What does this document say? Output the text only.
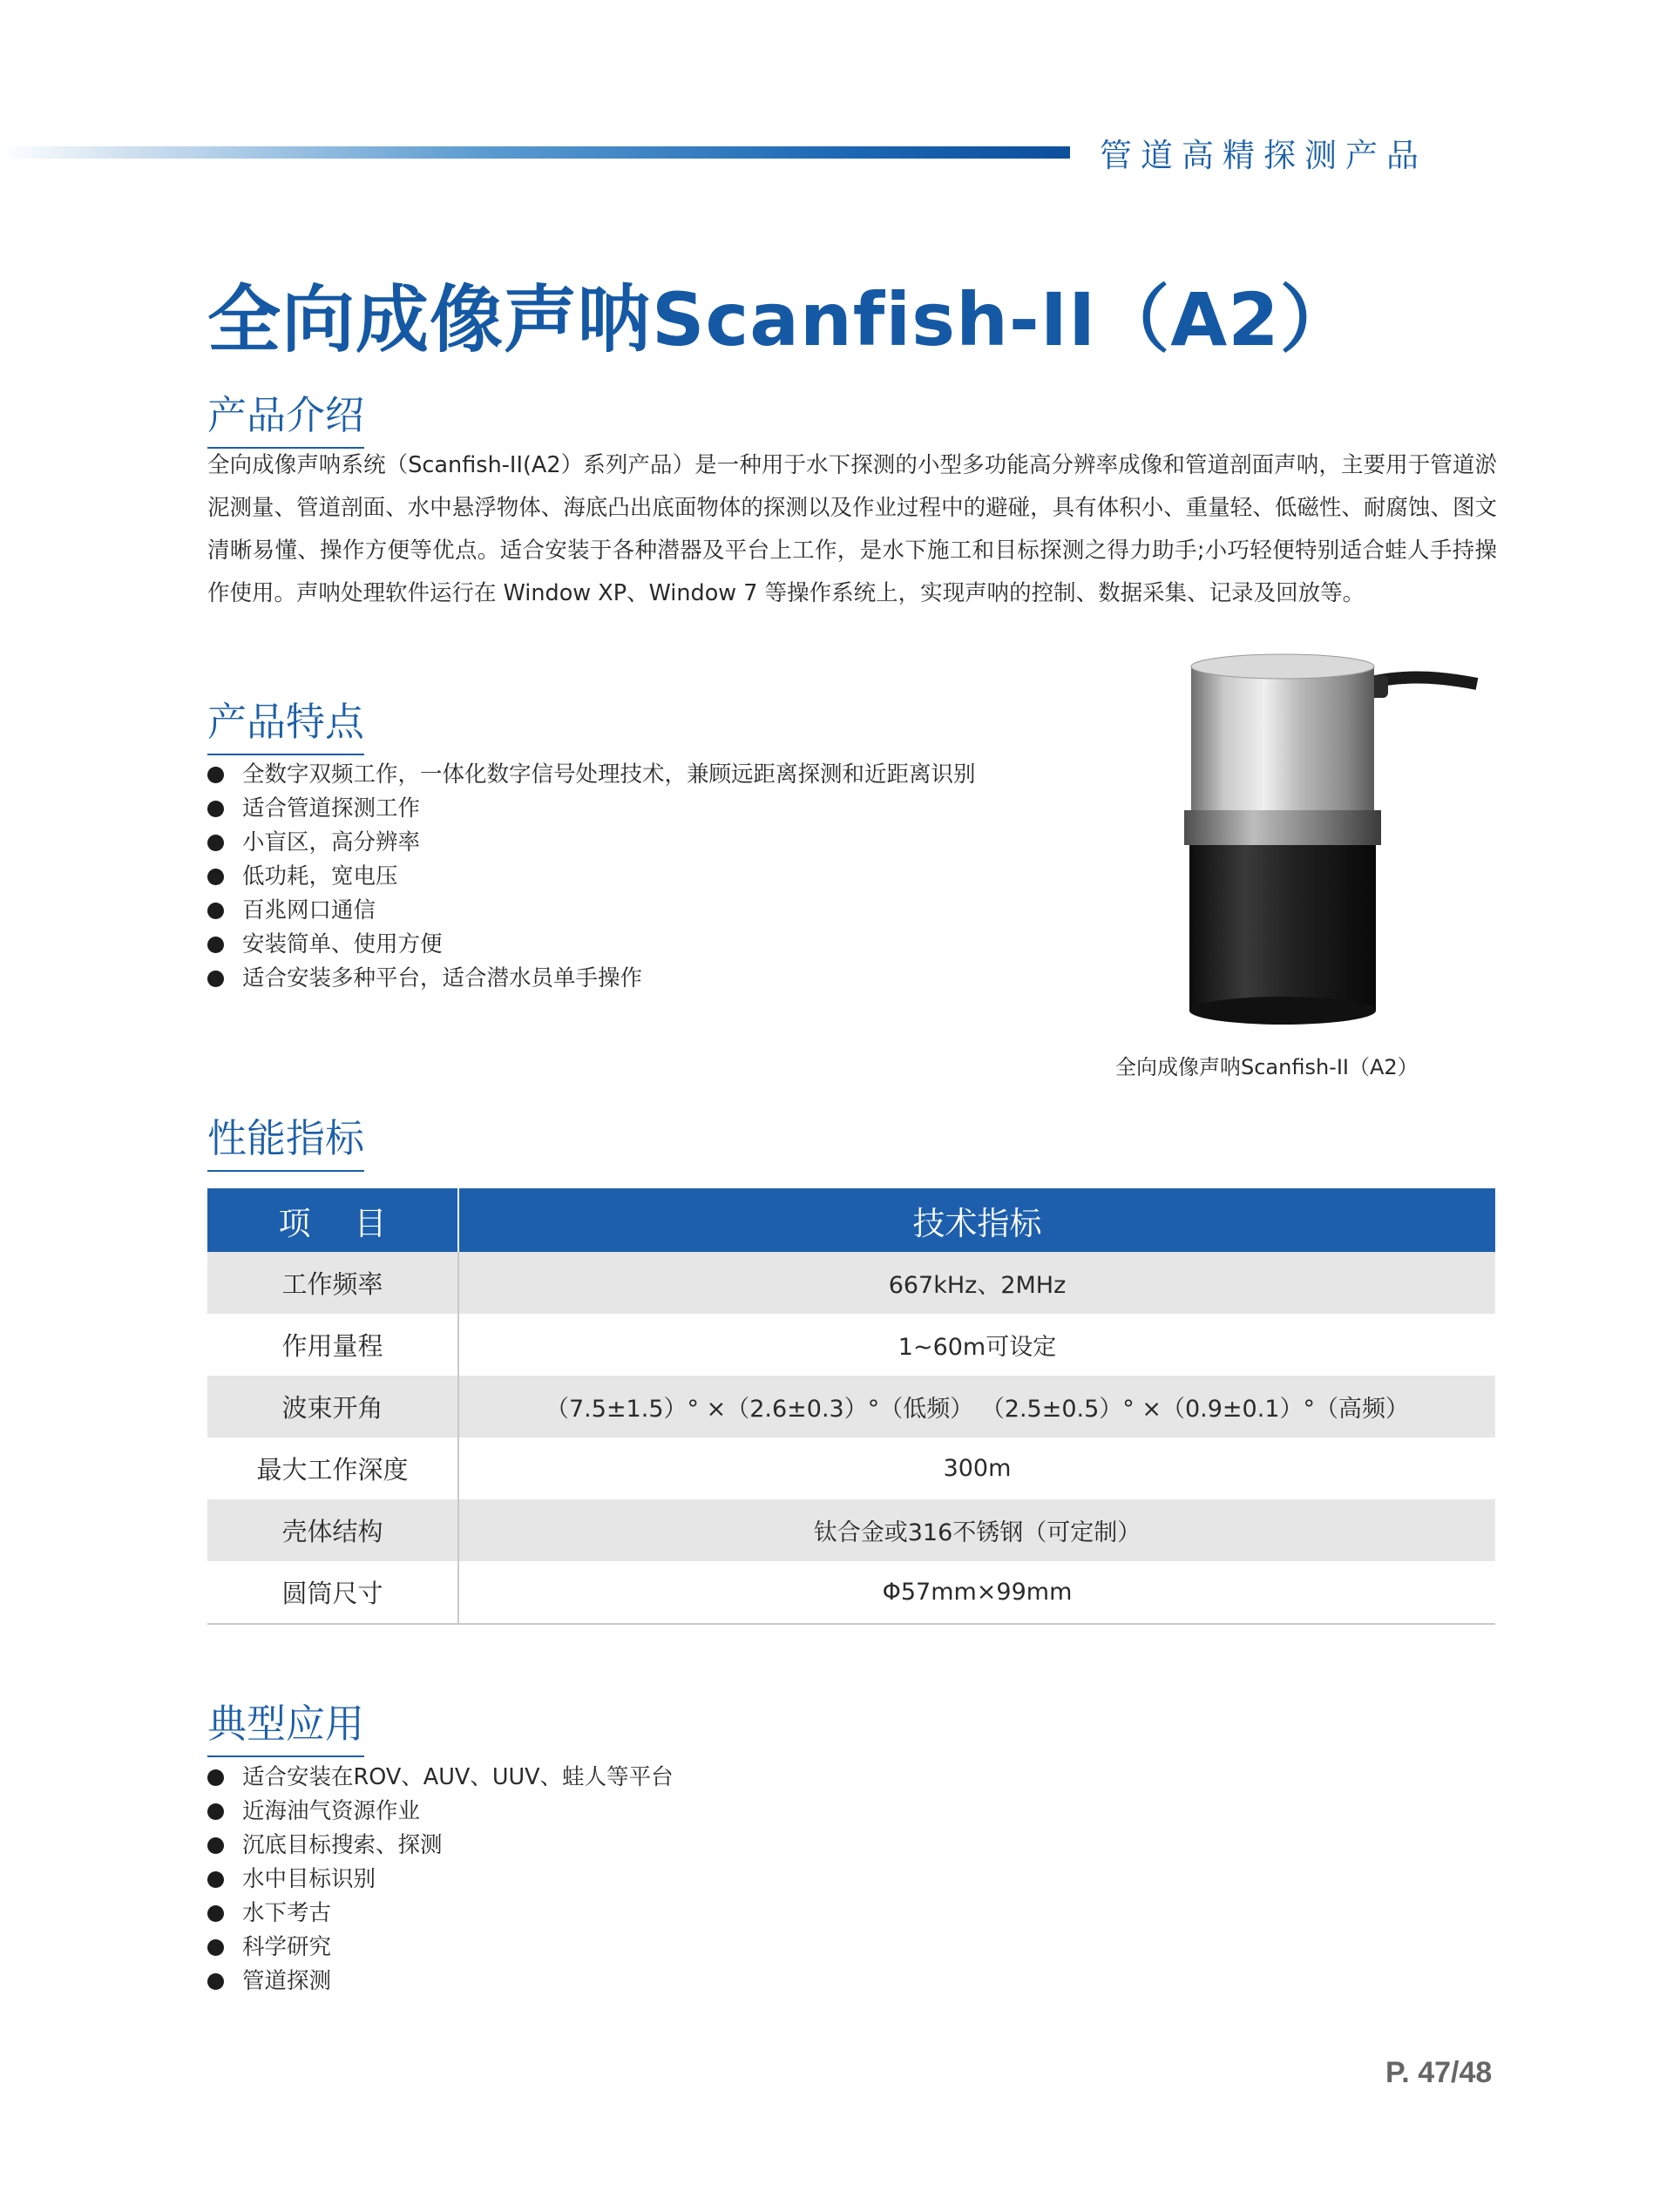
管道高精探测产品
全向成像声呐Scanfish-II（A2）
产品介绍
全向成像声呐系统（Scanfish-II(A2）系列产品）是一种用于水下探测的小型多功能高分辨率成像和管道剖面声呐，主要用于管道淤泥测量、管道剖面、水中悬浮物体、海底凸出底面物体的探测以及作业过程中的避碰，具有体积小、重量轻、低磁性、耐腐蚀、图文清晰易懂、操作方便等优点。适合安装于各种潜器及平台上工作，是水下施工和目标探测之得力助手;小巧轻便特别适合蛙人手持操作使用。声呐处理软件运行在 Window XP、Window 7 等操作系统上，实现声呐的控制、数据采集、记录及回放等。
产品特点
全数字双频工作，一体化数字信号处理技术，兼顾远距离探测和近距离识别
适合管道探测工作
小盲区，高分辨率
低功耗，宽电压
百兆网口通信
安装简单、使用方便
适合安装多种平台，适合潜水员单手操作
全向成像声呐Scanfish-II（A2）
性能指标
项目	技术指标
工作频率	667kHz、2MHz
作用量程	1~60m可设定
波束开角	（7.5±1.5）° ×（2.6±0.3）°（低频） （2.5±0.5）° ×（0.9±0.1）°（高频）
最大工作深度	300m
壳体结构	钛合金或316不锈钢（可定制）
圆筒尺寸	Φ57mm×99mm
典型应用
适合安装在ROV、AUV、UUV、蛙人等平台
近海油气资源作业
沉底目标搜索、探测
水中目标识别
水下考古
科学研究
管道探测
P. 47/48
